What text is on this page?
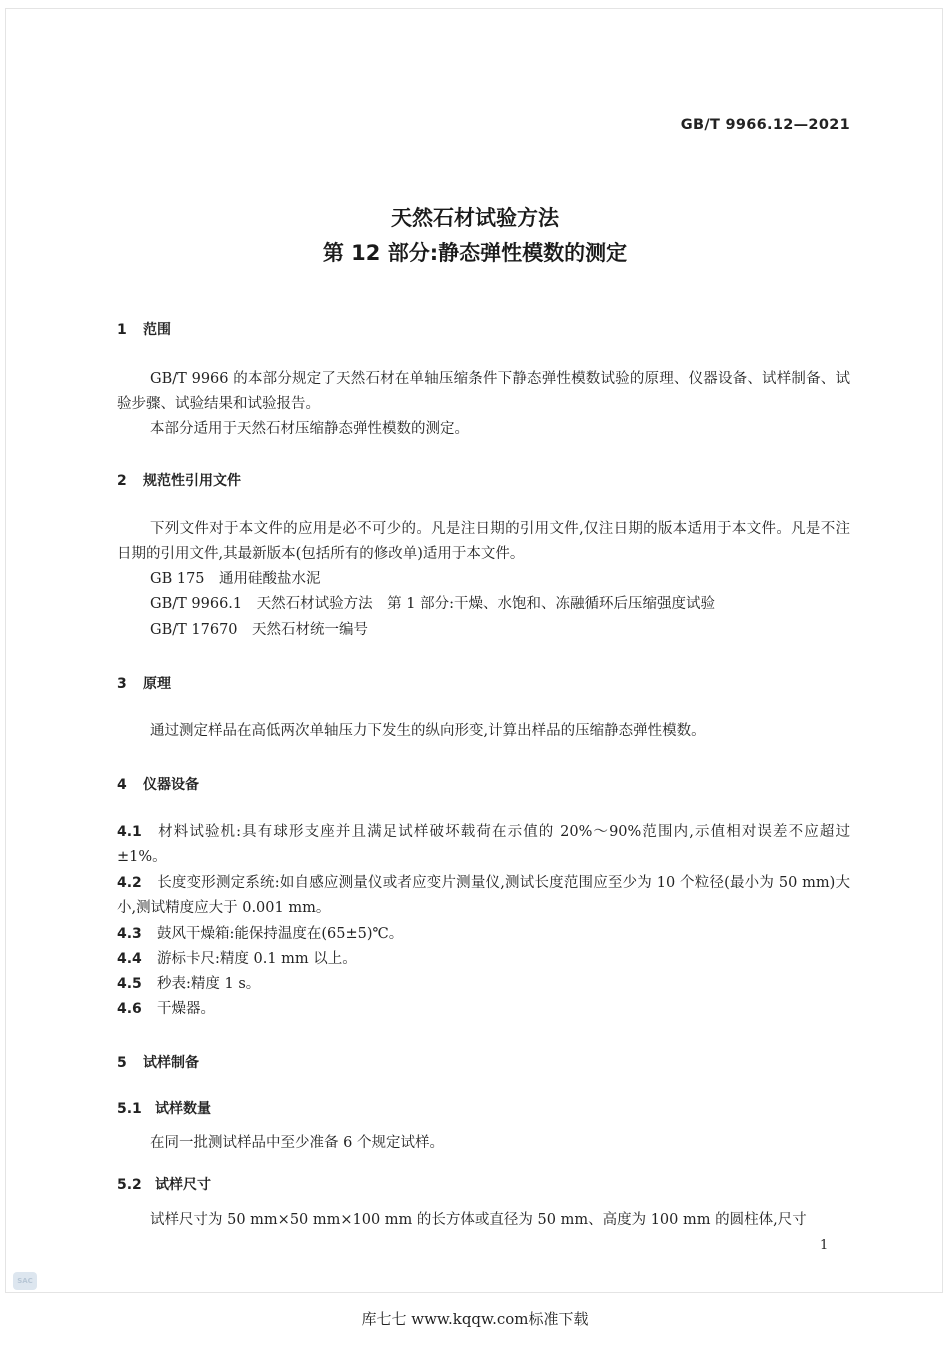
GB/T 9966.12—2021
天然石材试验方法
第 12 部分:静态弹性模数的测定
1 范围
GB/T 9966 的本部分规定了天然石材在单轴压缩条件下静态弹性模数试验的原理、仪器设备、试样制备、试验步骤、试验结果和试验报告。
本部分适用于天然石材压缩静态弹性模数的测定。
2 规范性引用文件
下列文件对于本文件的应用是必不可少的。凡是注日期的引用文件,仅注日期的版本适用于本文件。凡是不注日期的引用文件,其最新版本(包括所有的修改单)适用于本文件。
GB 175　通用硅酸盐水泥
GB/T 9966.1　天然石材试验方法　第 1 部分:干燥、水饱和、冻融循环后压缩强度试验
GB/T 17670　天然石材统一编号
3 原理
通过测定样品在高低两次单轴压力下发生的纵向形变,计算出样品的压缩静态弹性模数。
4 仪器设备
4.1 材料试验机:具有球形支座并且满足试样破坏载荷在示值的 20%～90%范围内,示值相对误差不应超过±1%。
4.2 长度变形测定系统:如自感应测量仪或者应变片测量仪,测试长度范围应至少为 10 个粒径(最小为 50 mm)大小,测试精度应大于 0.001 mm。
4.3 鼓风干燥箱:能保持温度在(65±5)℃。
4.4 游标卡尺:精度 0.1 mm 以上。
4.5 秒表:精度 1 s。
4.6 干燥器。
5 试样制备
5.1 试样数量
在同一批测试样品中至少准备 6 个规定试样。
5.2 试样尺寸
试样尺寸为 50 mm×50 mm×100 mm 的长方体或直径为 50 mm、高度为 100 mm 的圆柱体,尺寸
1
SAC
库七七 www.kqqw.com标准下载
